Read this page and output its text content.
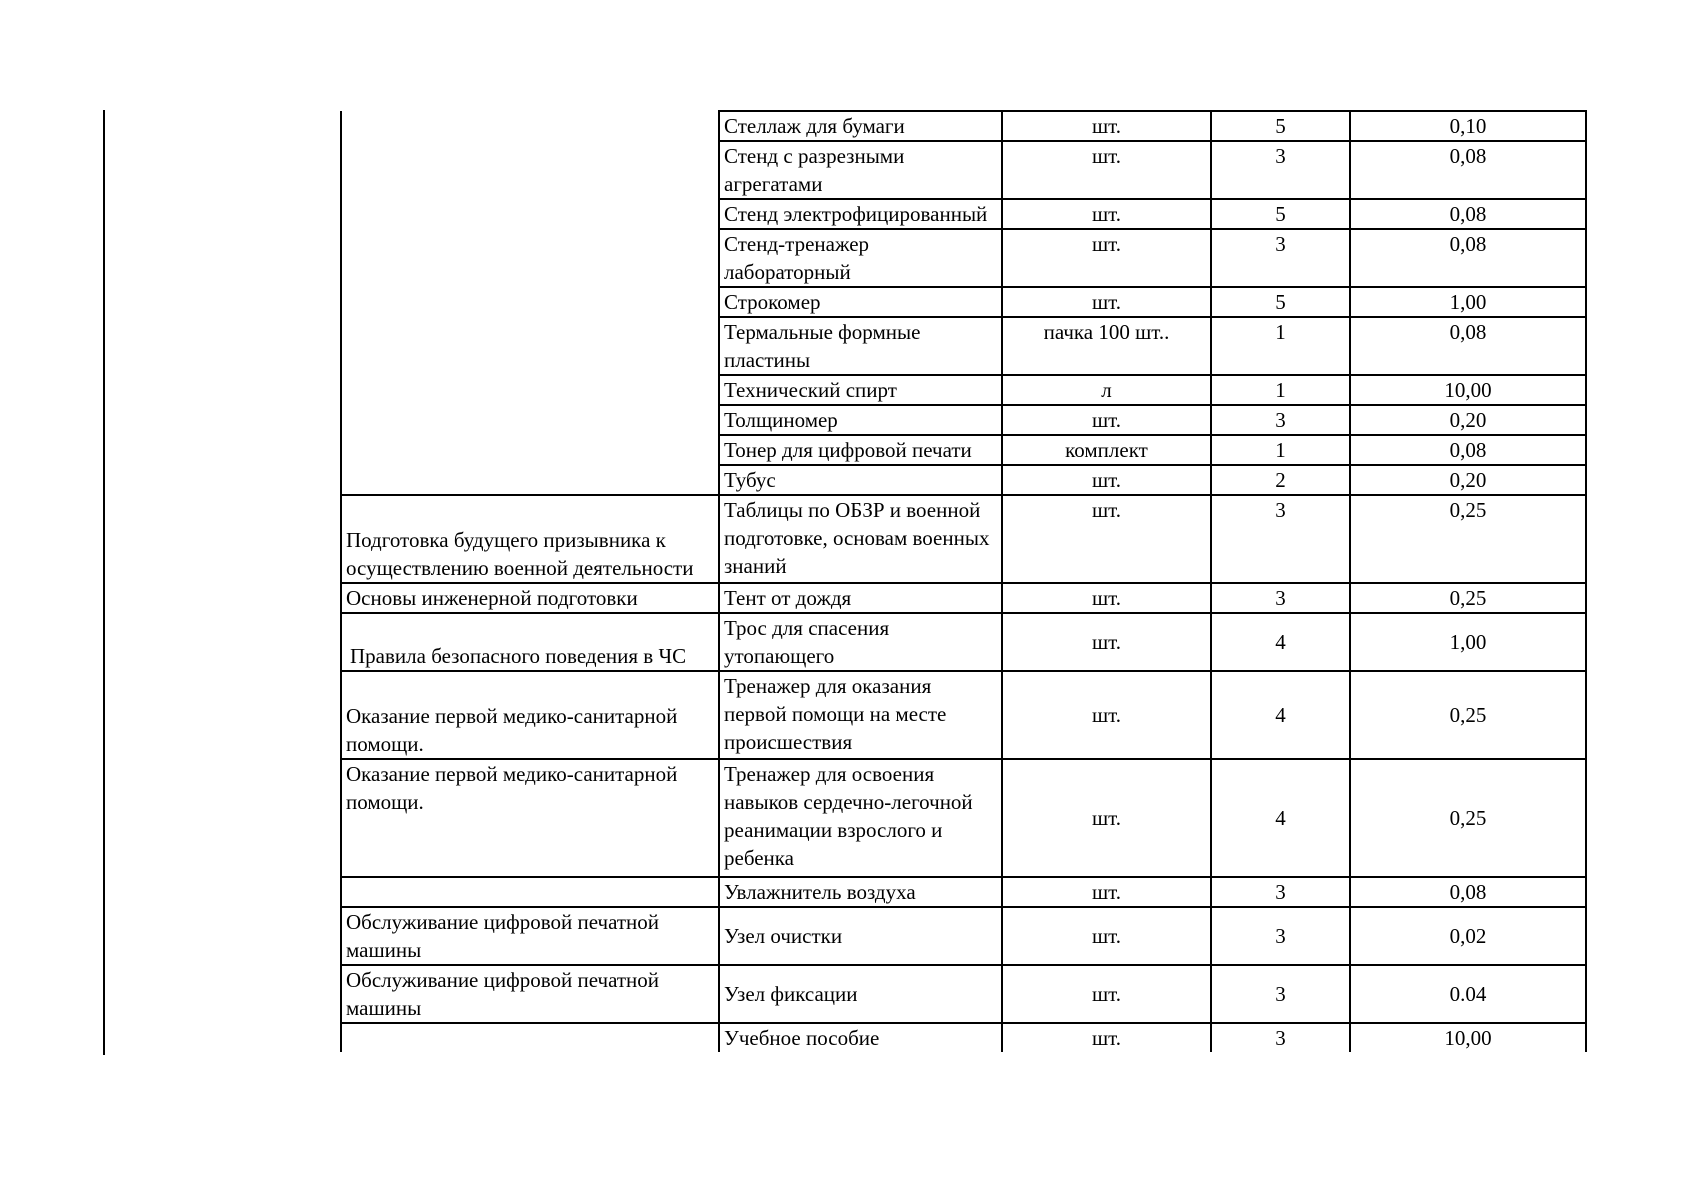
	Стеллаж для бумаги	шт.	5	0,10
	Стенд с разрезными агрегатами	шт.	3	0,08
	Стенд электрофицированный	шт.	5	0,08
	Стенд-тренажер лабораторный	шт.	3	0,08
	Строкомер	шт.	5	1,00
	Термальные формные пластины	пачка 100 шт..	1	0,08
	Технический спирт	л	1	10,00
	Толщиномер	шт.	3	0,20
	Тонер для цифровой печати	комплект	1	0,08
	Тубус	шт.	2	0,20
Подготовка будущего призывника к осуществлению военной деятельности	Таблицы по ОБЗР и военной подготовке, основам военных знаний	шт.	3	0,25
Основы инженерной подготовки	Тент от дождя	шт.	3	0,25
Правила безопасного поведения в ЧС	Трос для спасения утопающего	шт.	4	1,00
Оказание первой медико-санитарной помощи.	Тренажер для оказания первой помощи на месте происшествия	шт.	4	0,25
Оказание первой медико-санитарной помощи.	Тренажер для освоения навыков сердечно-легочной реанимации взрослого и ребенка	шт.	4	0,25
	Увлажнитель воздуха	шт.	3	0,08
Обслуживание цифровой печатной машины	Узел очистки	шт.	3	0,02
Обслуживание цифровой печатной машины	Узел фиксации	шт.	3	0.04
	Учебное пособие	шт.	3	10,00
